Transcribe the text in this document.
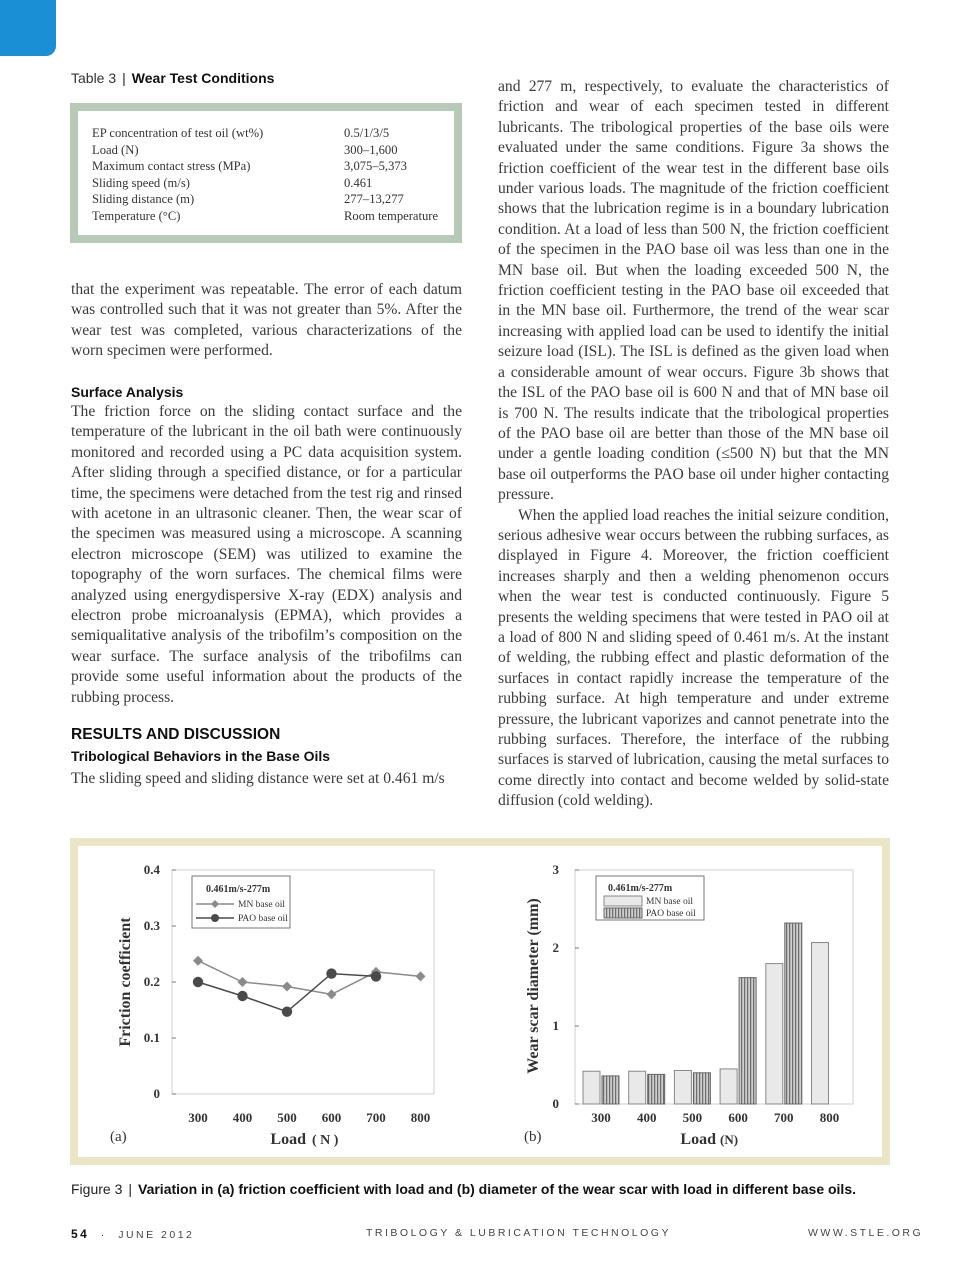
Table 3 | Wear Test Conditions
EP concentration of test oil (wt%)	0.5/1/3/5
Load (N)	300–1,600
Maximum contact stress (MPa)	3,075–5,373
Sliding speed (m/s)	0.461
Sliding distance (m)	277–13,277
Temperature (°C)	Room temperature

that the experiment was repeatable. The error of each datum was controlled such that it was not greater than 5%. After the wear test was completed, various characterizations of the worn specimen were performed.

Surface Analysis

The friction force on the sliding contact surface and the temperature of the lubricant in the oil bath were continuously monitored and recorded using a PC data acquisition system. After sliding through a specified distance, or for a particular time, the specimens were detached from the test rig and rinsed with acetone in an ultrasonic cleaner. Then, the wear scar of the specimen was measured using a microscope. A scanning electron microscope (SEM) was utilized to examine the topography of the worn surfaces. The chemical films were analyzed using energydispersive X-ray (EDX) analysis and electron probe microanalysis (EPMA), which provides a semiqualitative analysis of the tribofilm’s composition on the wear surface. The surface analysis of the tribofilms can provide some useful information about the products of the rubbing process.

RESULTS AND DISCUSSION
Tribological Behaviors in the Base Oils

The sliding speed and sliding distance were set at 0.461 m/s

and 277 m, respectively, to evaluate the characteristics of friction and wear of each specimen tested in different lubricants. The tribological properties of the base oils were evaluated under the same conditions. Figure 3a shows the friction coefficient of the wear test in the different base oils under various loads. The magnitude of the friction coefficient shows that the lubrication regime is in a boundary lubrication condition. At a load of less than 500 N, the friction coefficient of the specimen in the PAO base oil was less than one in the MN base oil. But when the loading exceeded 500 N, the friction coefficient testing in the PAO base oil exceeded that in the MN base oil. Furthermore, the trend of the wear scar increasing with applied load can be used to identify the initial seizure load (ISL). The ISL is defined as the given load when a considerable amount of wear occurs. Figure 3b shows that the ISL of the PAO base oil is 600 N and that of MN base oil is 700 N. The results indicate that the tribological properties of the PAO base oil are better than those of the MN base oil under a gentle loading condition (≤500 N) but that the MN base oil outperforms the PAO base oil under higher contacting pressure.

When the applied load reaches the initial seizure condition, serious adhesive wear occurs between the rubbing surfaces, as displayed in Figure 4. Moreover, the friction coefficient increases sharply and then a welding phenomenon occurs when the wear test is conducted continuously. Figure 5 presents the welding specimens that were tested in PAO oil at a load of 800 N and sliding speed of 0.461 m/s. At the instant of welding, the rubbing effect and plastic deformation of the surfaces in contact rapidly increase the temperature of the rubbing surface. At high temperature and under extreme pressure, the lubricant vaporizes and cannot penetrate into the rubbing surfaces. Therefore, the interface of the rubbing surfaces is starved of lubrication, causing the metal surfaces to come directly into contact and become welded by solid-state diffusion (cold welding).

0
0.1
0.2
0.3
0.4
300 400 500 600 700 800
Friction coefficient
Load ( N )
(a)
0.461m/s-277m
MN base oil
PAO base oil
0
1
2
3
300 400 500 600 700 800
Wear scar diameter (mm)
Load (N)
(b)
0.461m/s-277m
MN base oil
PAO base oil
Figure 3 | Variation in (a) friction coefficient with load and (b) diameter of the wear scar with load in different base oils.
54 · JUNE 2012	TRIBOLOGY & LUBRICATION TECHNOLOGY	WWW.STLE.ORG
